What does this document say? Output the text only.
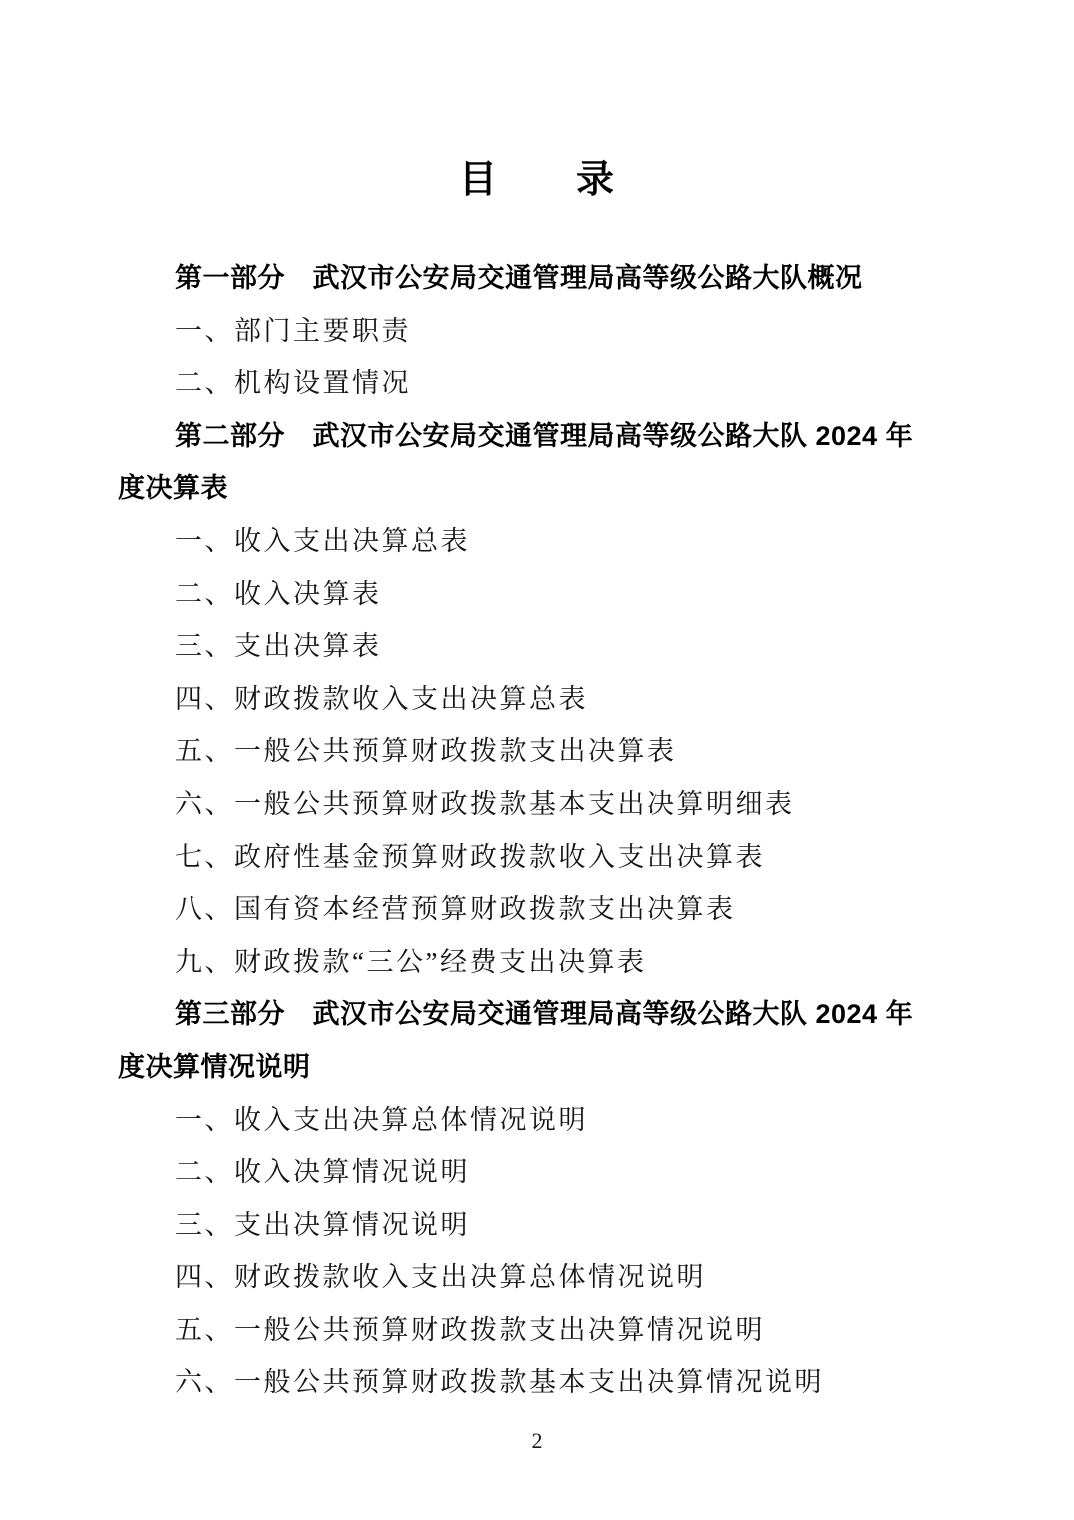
目　　录
第一部分　武汉市公安局交通管理局高等级公路大队概况
一、部门主要职责
二、机构设置情况
第二部分　武汉市公安局交通管理局高等级公路大队 2024 年
度决算表
一、收入支出决算总表
二、收入决算表
三、支出决算表
四、财政拨款收入支出决算总表
五、一般公共预算财政拨款支出决算表
六、一般公共预算财政拨款基本支出决算明细表
七、政府性基金预算财政拨款收入支出决算表
八、国有资本经营预算财政拨款支出决算表
九、财政拨款“三公”经费支出决算表
第三部分　武汉市公安局交通管理局高等级公路大队 2024 年
度决算情况说明
一、收入支出决算总体情况说明
二、收入决算情况说明
三、支出决算情况说明
四、财政拨款收入支出决算总体情况说明
五、一般公共预算财政拨款支出决算情况说明
六、一般公共预算财政拨款基本支出决算情况说明
2
